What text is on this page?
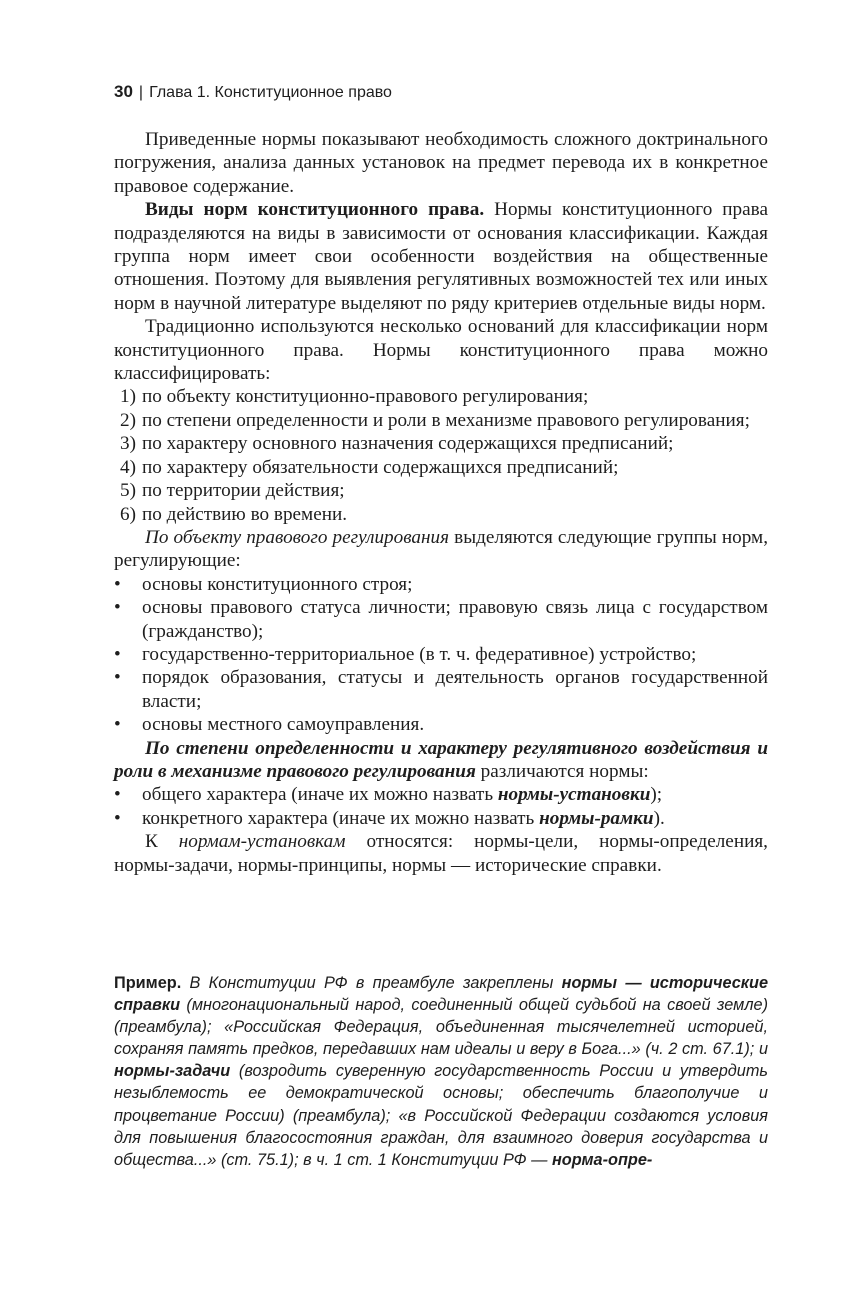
30 | Глава 1. Конституционное право

Приведенные нормы показывают необходимость сложного доктринального погружения, анализа данных установок на предмет перевода их в конкретное правовое содержание.

Виды норм конституционного права. Нормы конституционного права подразделяются на виды в зависимости от основания классификации. Каждая группа норм имеет свои особенности воздействия на общественные отношения. Поэтому для выявления регулятивных возможностей тех или иных норм в научной литературе выделяют по ряду критериев отдельные виды норм.

Традиционно используются несколько оснований для классификации норм конституционного права. Нормы конституционного права можно классифицировать:

1) по объекту конституционно-правового регулирования;
2) по степени определенности и роли в механизме правового регулирования;
3) по характеру основного назначения содержащихся предписаний;
4) по характеру обязательности содержащихся предписаний;
5) по территории действия;
6) по действию во времени.

По объекту правового регулирования выделяются следующие группы норм, регулирующие:

• основы конституционного строя;
• основы правового статуса личности; правовую связь лица с государством (гражданство);
• государственно-территориальное (в т. ч. федеративное) устройство;
• порядок образования, статусы и деятельность органов государственной власти;
• основы местного самоуправления.

По степени определенности и характеру регулятивного воздействия и роли в механизме правового регулирования различаются нормы:

• общего характера (иначе их можно назвать нормы-установки);
• конкретного характера (иначе их можно назвать нормы-рамки).

К нормам-установкам относятся: нормы-цели, нормы-определения, нормы-задачи, нормы-принципы, нормы — исторические справки.

Пример. В Конституции РФ в преамбуле закреплены нормы — исторические справки (многонациональный народ, соединенный общей судьбой на своей земле) (преамбула); «Российская Федерация, объединенная тысячелетней историей, сохраняя память предков, передавших нам идеалы и веру в Бога...» (ч. 2 ст. 67.1); и нормы-задачи (возродить суверенную государственность России и утвердить незыблемость ее демократической основы; обеспечить благополучие и процветание России) (преамбула); «в Российской Федерации создаются условия для повышения благосостояния граждан, для взаимного доверия государства и общества...» (ст. 75.1); в ч. 1 ст. 1 Конституции РФ — норма-опре-
